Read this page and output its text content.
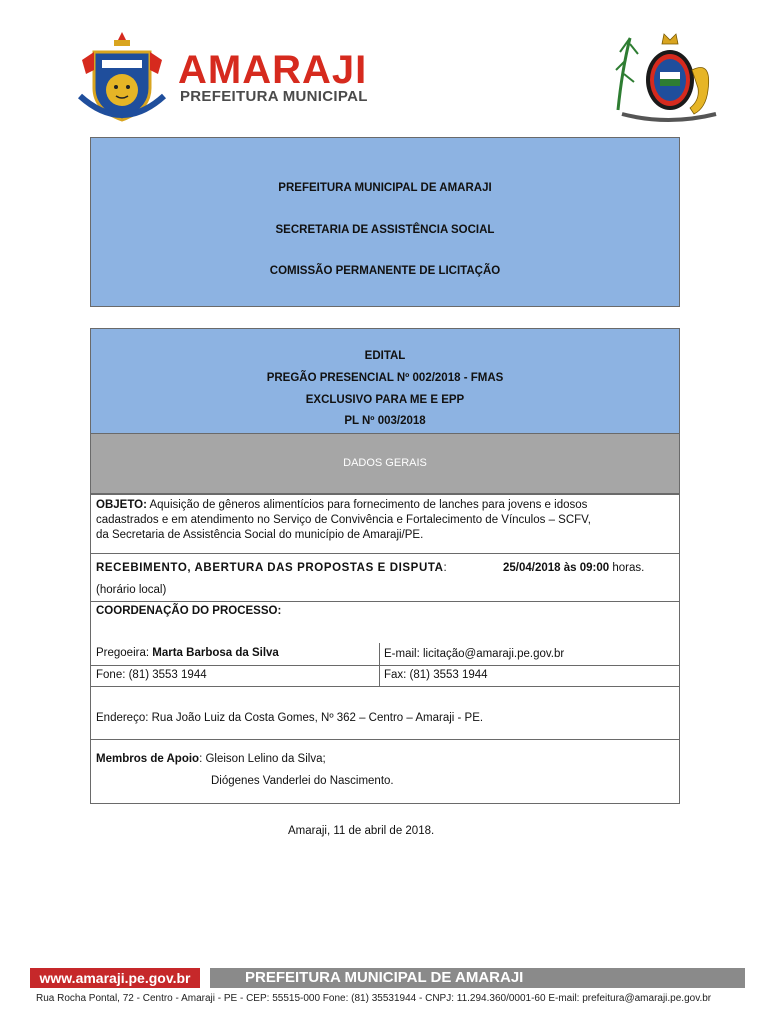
AMARAJI
PREFEITURA MUNICIPAL
PREFEITURA MUNICIPAL DE AMARAJI
SECRETARIA DE ASSISTÊNCIA SOCIAL
COMISSÃO PERMANENTE DE LICITAÇÃO
EDITAL
PREGÃO PRESENCIAL Nº 002/2018 - FMAS
EXCLUSIVO PARA ME E EPP
PL Nº 003/2018
DADOS GERAIS
OBJETO: Aquisição de gêneros alimentícios para fornecimento de lanches para jovens e idosos
cadastrados e em atendimento no Serviço de Convivência e Fortalecimento de Vínculos – SCFV,
da Secretaria de Assistência Social do município de Amaraji/PE.
RECEBIMENTO, ABERTURA DAS PROPOSTAS E DISPUTA:	25/04/2018 às 09:00 horas.
(horário local)
COORDENAÇÃO DO PROCESSO:
Pregoeira: Marta Barbosa da Silva	E-mail: licitação@amaraji.pe.gov.br
Fone: (81) 3553 1944	Fax: (81) 3553 1944
Endereço: Rua João Luiz da Costa Gomes, Nº 362 – Centro – Amaraji - PE.
Membros de Apoio: Gleison Lelino da Silva;
Diógenes Vanderlei do Nascimento.
Amaraji, 11 de abril de 2018.
www.amaraji.pe.gov.br	PREFEITURA MUNICIPAL DE AMARAJI
Rua Rocha Pontal, 72 - Centro - Amaraji - PE - CEP: 55515-000 Fone: (81) 35531944 - CNPJ: 11.294.360/0001-60 E-mail: prefeitura@amaraji.pe.gov.br
